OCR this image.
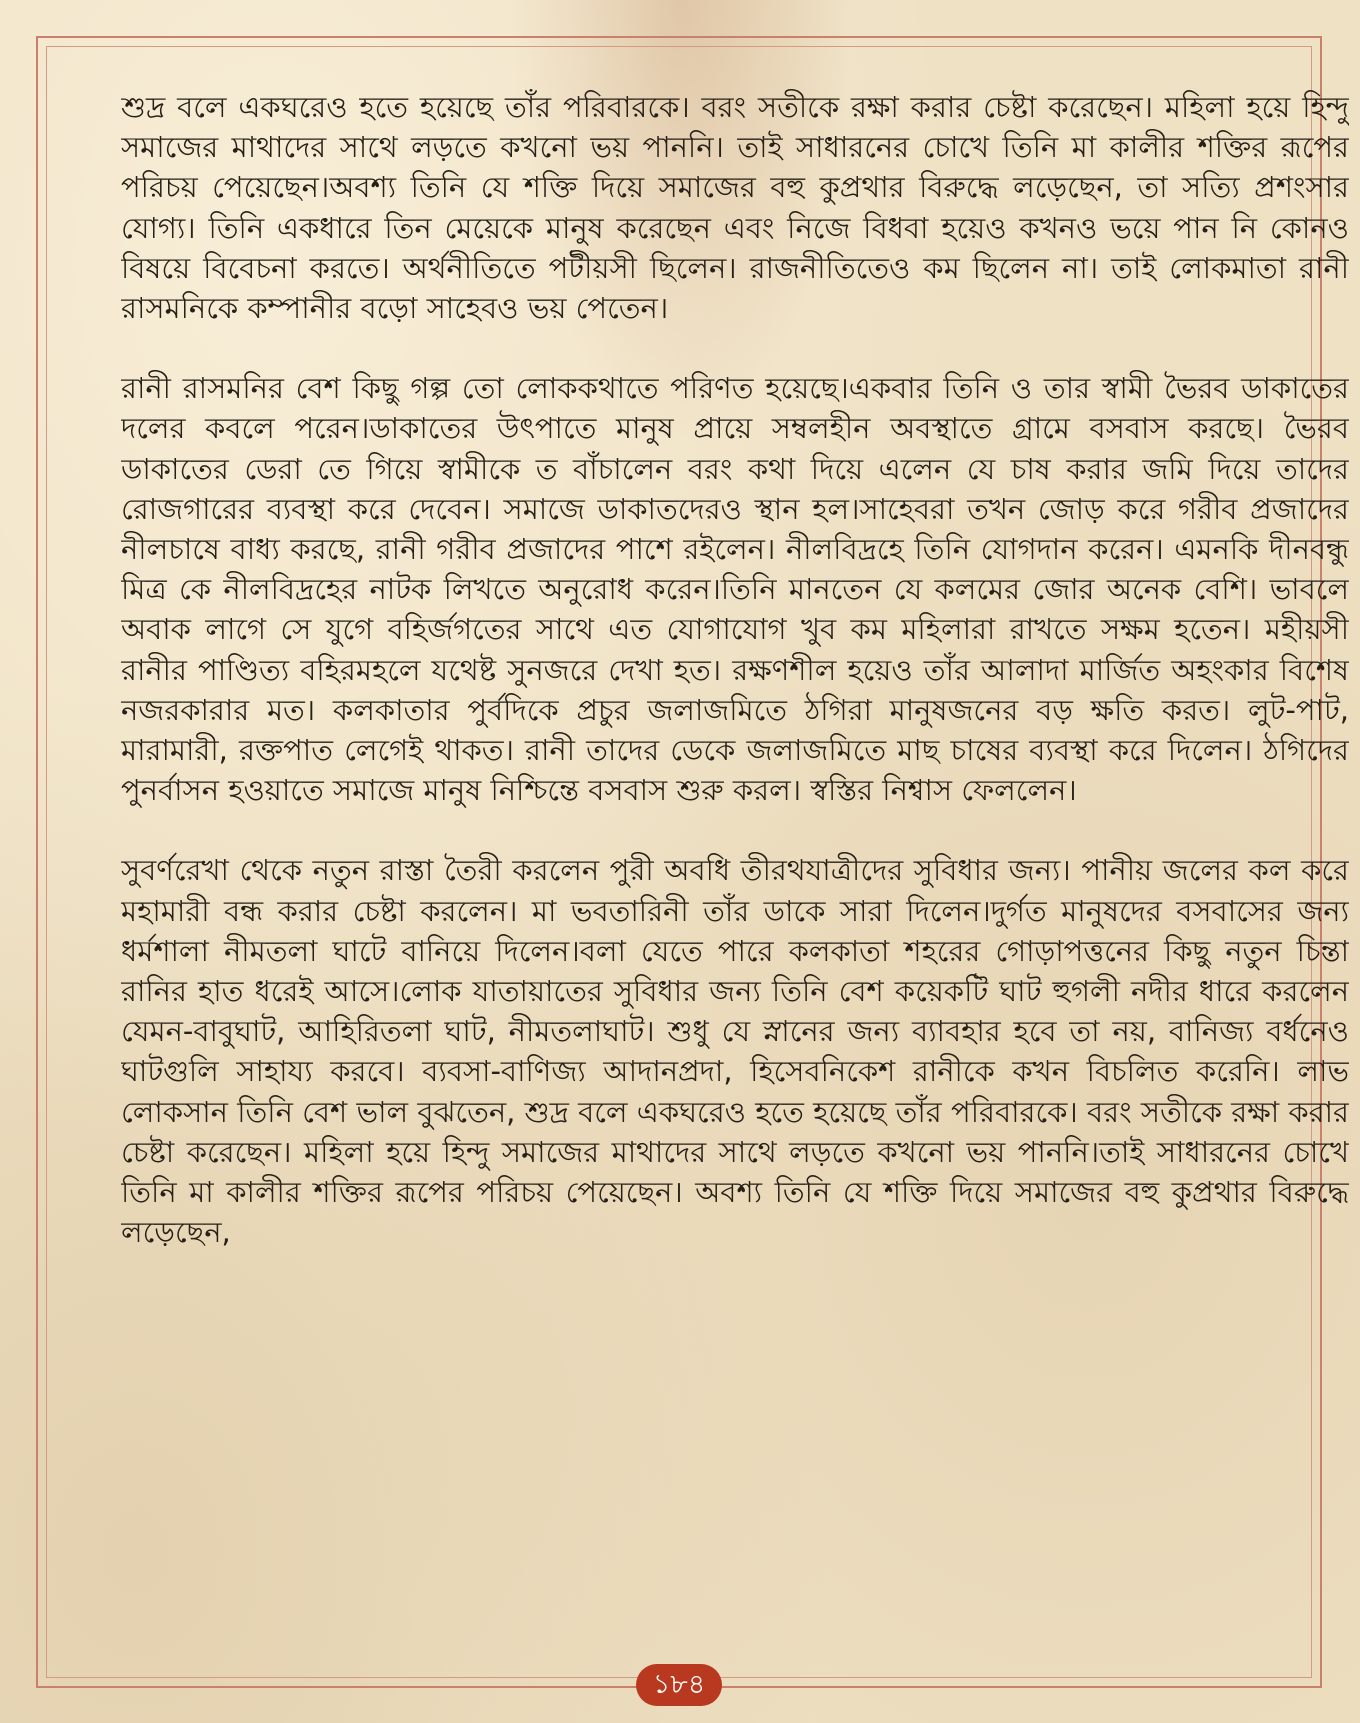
শুদ্র বলে একঘরেও হতে হয়েছে তাঁর পরিবারকে। বরং সতীকে রক্ষা করার চেষ্টা করেছেন। মহিলা হয়ে হিন্দু সমাজের মাথাদের সাথে লড়তে কখনো ভয় পাননি। তাই সাধারনের চোখে তিনি মা কালীর শক্তির রূপের পরিচয় পেয়েছেন।অবশ্য তিনি যে শক্তি দিয়ে সমাজের বহু কুপ্রথার বিরুদ্ধে লড়েছেন, তা সত্যি প্রশংসার যোগ্য। তিনি একধারে তিন মেয়েকে মানুষ করেছেন এবং নিজে বিধবা হয়েও কখনও ভয়ে পান নি কোনও বিষয়ে বিবেচনা করতে। অর্থনীতিতে পটীয়সী ছিলেন। রাজনীতিতেও কম ছিলেন না। তাই লোকমাতা রানী রাসমনিকে কম্পানীর বড়ো সাহেবও ভয় পেতেন।

রানী রাসমনির বেশ কিছু গল্প তো লোককথাতে পরিণত হয়েছে।একবার তিনি ও তার স্বামী ভৈরব ডাকাতের দলের কবলে পরেন।ডাকাতের উৎপাতে মানুষ প্রায়ে সম্বলহীন অবস্থাতে গ্রামে বসবাস করছে। ভৈরব ডাকাতের ডেরা তে গিয়ে স্বামীকে ত বাঁচালেন বরং কথা দিয়ে এলেন যে চাষ করার জমি দিয়ে তাদের রোজগারের ব্যবস্থা করে দেবেন। সমাজে ডাকাতদেরও স্থান হল।সাহেবরা তখন জোড় করে গরীব প্রজাদের নীলচাষে বাধ্য করছে, রানী গরীব প্রজাদের পাশে রইলেন। নীলবিদ্রহে তিনি যোগদান করেন। এমনকি দীনবন্ধু মিত্র কে নীলবিদ্রহের নাটক লিখতে অনুরোধ করেন।তিনি মানতেন যে কলমের জোর অনেক বেশি। ভাবলে অবাক লাগে সে যুগে বহির্জগতের সাথে এত যোগাযোগ খুব কম মহিলারা রাখতে সক্ষম হতেন। মহীয়সী রানীর পাণ্ডিত্য বহিরমহলে যথেষ্ট সুনজরে দেখা হত। রক্ষণশীল হয়েও তাঁর আলাদা মার্জিত অহংকার বিশেষ নজরকারার মত। কলকাতার পুর্বদিকে প্রচুর জলাজমিতে ঠগিরা মানুষজনের বড় ক্ষতি করত। লুট-পাট, মারামারী, রক্তপাত লেগেই থাকত। রানী তাদের ডেকে জলাজমিতে মাছ চাষের ব্যবস্থা করে দিলেন। ঠগিদের পুনর্বাসন হওয়াতে সমাজে মানুষ নিশ্চিন্তে বসবাস শুরু করল। স্বস্তির নিশ্বাস ফেললেন।

সুবর্ণরেখা থেকে নতুন রাস্তা তৈরী করলেন পুরী অবধি তীরথযাত্রীদের সুবিধার জন্য। পানীয় জলের কল করে মহামারী বন্ধ করার চেষ্টা করলেন। মা ভবতারিনী তাঁর ডাকে সারা দিলেন।দুর্গত মানুষদের বসবাসের জন্য ধর্মশালা নীমতলা ঘাটে বানিয়ে দিলেন।বলা যেতে পারে কলকাতা শহরের গোড়াপত্তনের কিছু নতুন চিন্তা রানির হাত ধরেই আসে।লোক যাতায়াতের সুবিধার জন্য তিনি বেশ কয়েকটি ঘাট হুগলী নদীর ধারে করলেন যেমন-বাবুঘাট, আহিরিতলা ঘাট, নীমতলাঘাট। শুধু যে স্নানের জন্য ব্যাবহার হবে তা নয়, বানিজ্য বর্ধনেও ঘাটগুলি সাহায্য করবে। ব্যবসা-বাণিজ্য আদানপ্রদা, হিসেবনিকেশ রানীকে কখন বিচলিত করেনি। লাভ লোকসান তিনি বেশ ভাল বুঝতেন, শুদ্র বলে একঘরেও হতে হয়েছে তাঁর পরিবারকে। বরং সতীকে রক্ষা করার চেষ্টা করেছেন। মহিলা হয়ে হিন্দু সমাজের মাথাদের সাথে লড়তে কখনো ভয় পাননি।তাই সাধারনের চোখে তিনি মা কালীর শক্তির রূপের পরিচয় পেয়েছেন। অবশ্য তিনি যে শক্তি দিয়ে সমাজের বহু কুপ্রথার বিরুদ্ধে লড়েছেন,

১৮৪
